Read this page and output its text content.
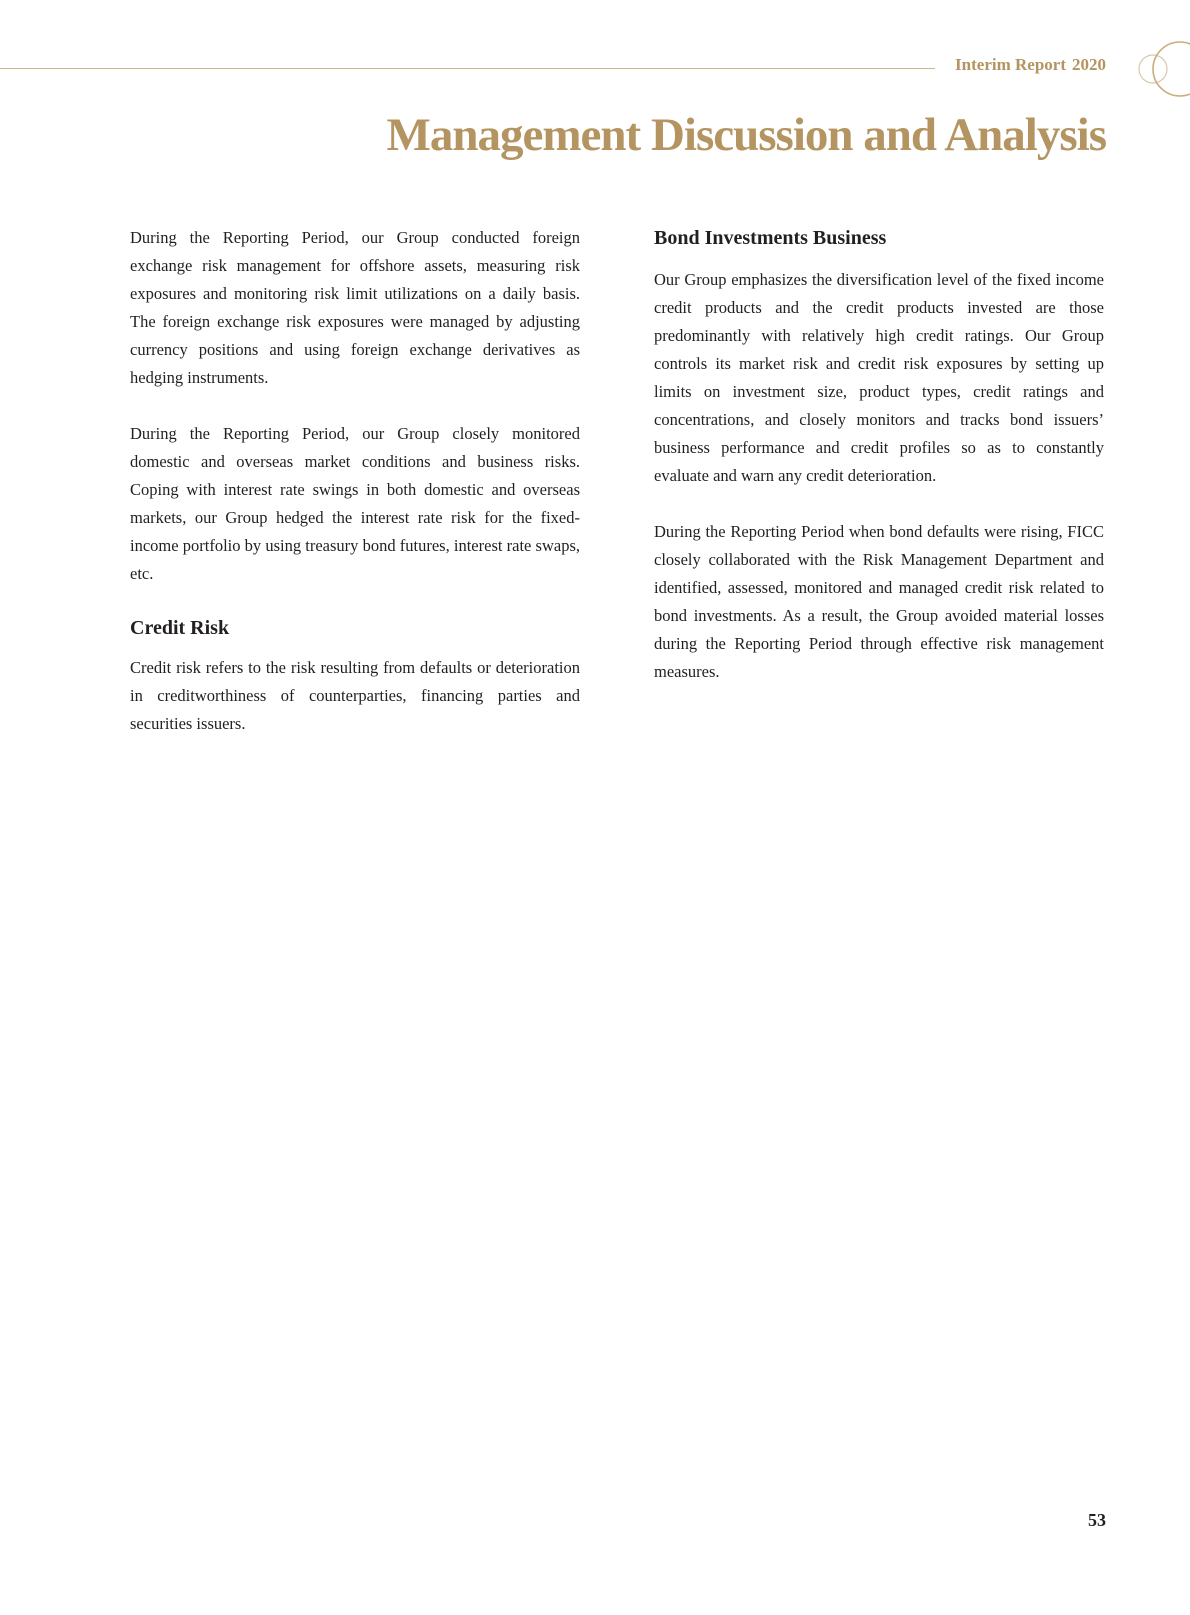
Interim Report 2020
Management Discussion and Analysis

During the Reporting Period, our Group conducted foreign exchange risk management for offshore assets, measuring risk exposures and monitoring risk limit utilizations on a daily basis. The foreign exchange risk exposures were managed by adjusting currency positions and using foreign exchange derivatives as hedging instruments.

During the Reporting Period, our Group closely monitored domestic and overseas market conditions and business risks. Coping with interest rate swings in both domestic and overseas markets, our Group hedged the interest rate risk for the fixed-income portfolio by using treasury bond futures, interest rate swaps, etc.

Credit Risk

Credit risk refers to the risk resulting from defaults or deterioration in creditworthiness of counterparties, financing parties and securities issuers.

Bond Investments Business

Our Group emphasizes the diversification level of the fixed income credit products and the credit products invested are those predominantly with relatively high credit ratings. Our Group controls its market risk and credit risk exposures by setting up limits on investment size, product types, credit ratings and concentrations, and closely monitors and tracks bond issuers’ business performance and credit profiles so as to constantly evaluate and warn any credit deterioration.

During the Reporting Period when bond defaults were rising, FICC closely collaborated with the Risk Management Department and identified, assessed, monitored and managed credit risk related to bond investments. As a result, the Group avoided material losses during the Reporting Period through effective risk management measures.

53
